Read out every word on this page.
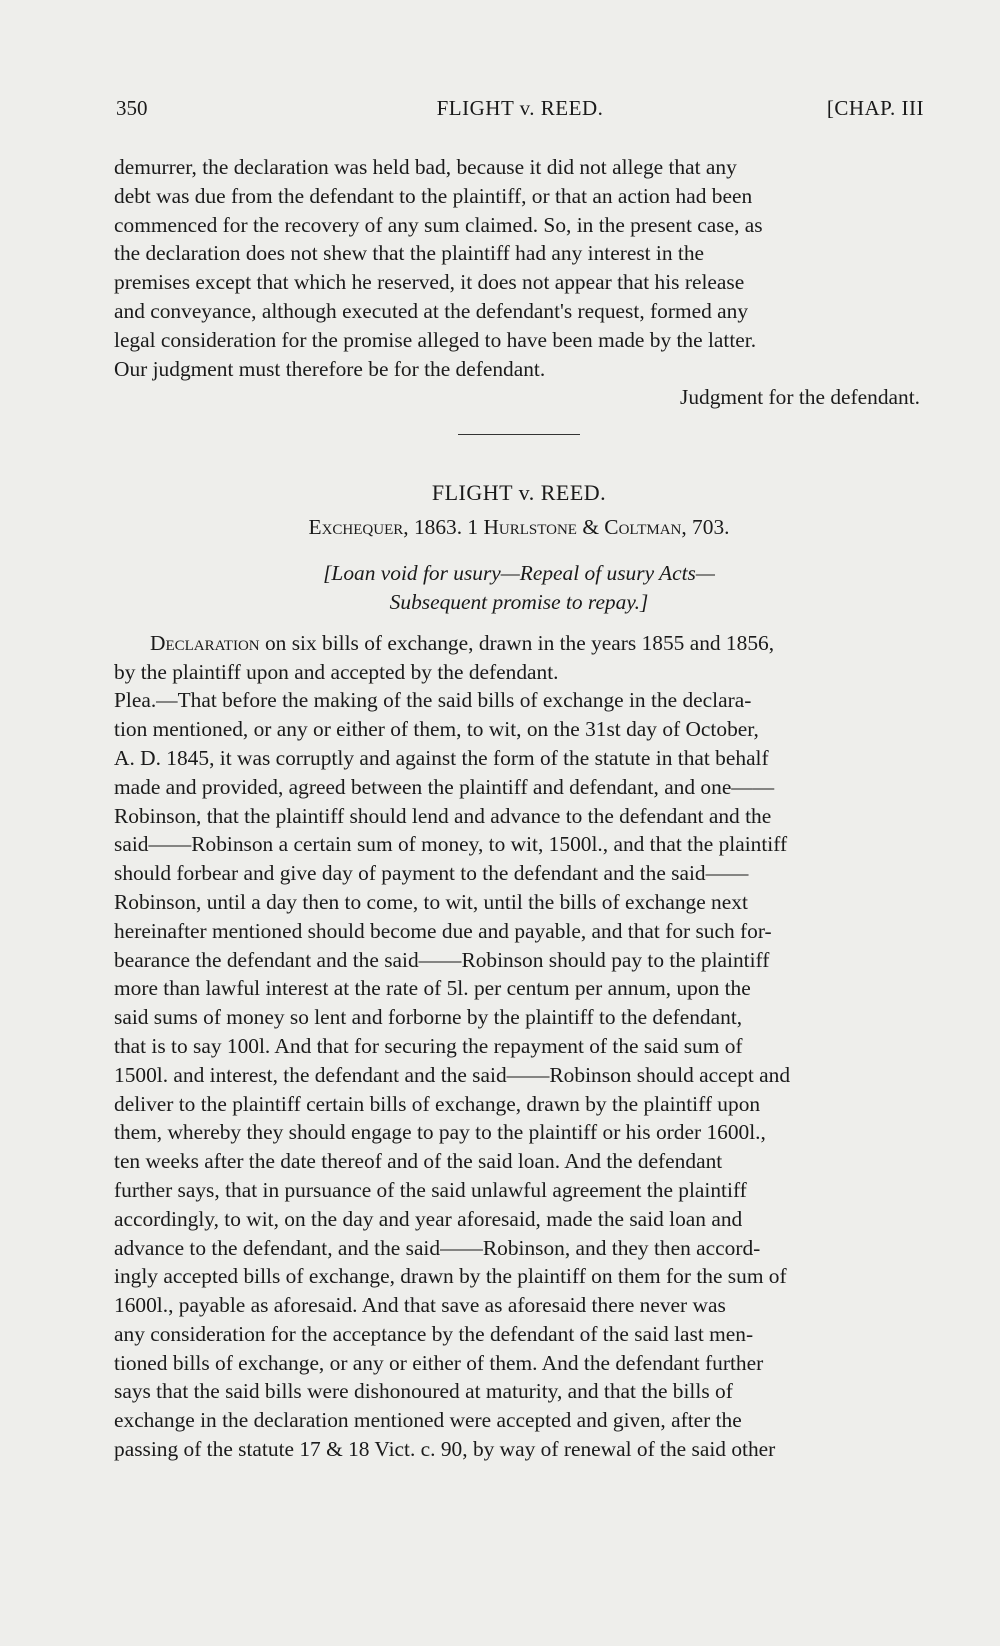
350	FLIGHT v. REED.	[CHAP. III
demurrer, the declaration was held bad, because it did not allege that any
debt was due from the defendant to the plaintiff, or that an action had been
commenced for the recovery of any sum claimed. So, in the present case, as
the declaration does not shew that the plaintiff had any interest in the
premises except that which he reserved, it does not appear that his release
and conveyance, although executed at the defendant's request, formed any
legal consideration for the promise alleged to have been made by the latter.
Our judgment must therefore be for the defendant.
Judgment for the defendant.
FLIGHT v. REED.
Exchequer, 1863. 1 Hurlstone & Coltman, 703.
[Loan void for usury—Repeal of usury Acts—
Subsequent promise to repay.]
Declaration on six bills of exchange, drawn in the years 1855 and 1856,
by the plaintiff upon and accepted by the defendant.
Plea.—That before the making of the said bills of exchange in the declara-
tion mentioned, or any or either of them, to wit, on the 31st day of October,
A. D. 1845, it was corruptly and against the form of the statute in that behalf
made and provided, agreed between the plaintiff and defendant, and one——
Robinson, that the plaintiff should lend and advance to the defendant and the
said——Robinson a certain sum of money, to wit, 1500l., and that the plaintiff
should forbear and give day of payment to the defendant and the said——
Robinson, until a day then to come, to wit, until the bills of exchange next
hereinafter mentioned should become due and payable, and that for such for-
bearance the defendant and the said——Robinson should pay to the plaintiff
more than lawful interest at the rate of 5l. per centum per annum, upon the
said sums of money so lent and forborne by the plaintiff to the defendant,
that is to say 100l. And that for securing the repayment of the said sum of
1500l. and interest, the defendant and the said——Robinson should accept and
deliver to the plaintiff certain bills of exchange, drawn by the plaintiff upon
them, whereby they should engage to pay to the plaintiff or his order 1600l.,
ten weeks after the date thereof and of the said loan. And the defendant
further says, that in pursuance of the said unlawful agreement the plaintiff
accordingly, to wit, on the day and year aforesaid, made the said loan and
advance to the defendant, and the said——Robinson, and they then accord-
ingly accepted bills of exchange, drawn by the plaintiff on them for the sum of
1600l., payable as aforesaid. And that save as aforesaid there never was
any consideration for the acceptance by the defendant of the said last men-
tioned bills of exchange, or any or either of them. And the defendant further
says that the said bills were dishonoured at maturity, and that the bills of
exchange in the declaration mentioned were accepted and given, after the
passing of the statute 17 & 18 Vict. c. 90, by way of renewal of the said other
